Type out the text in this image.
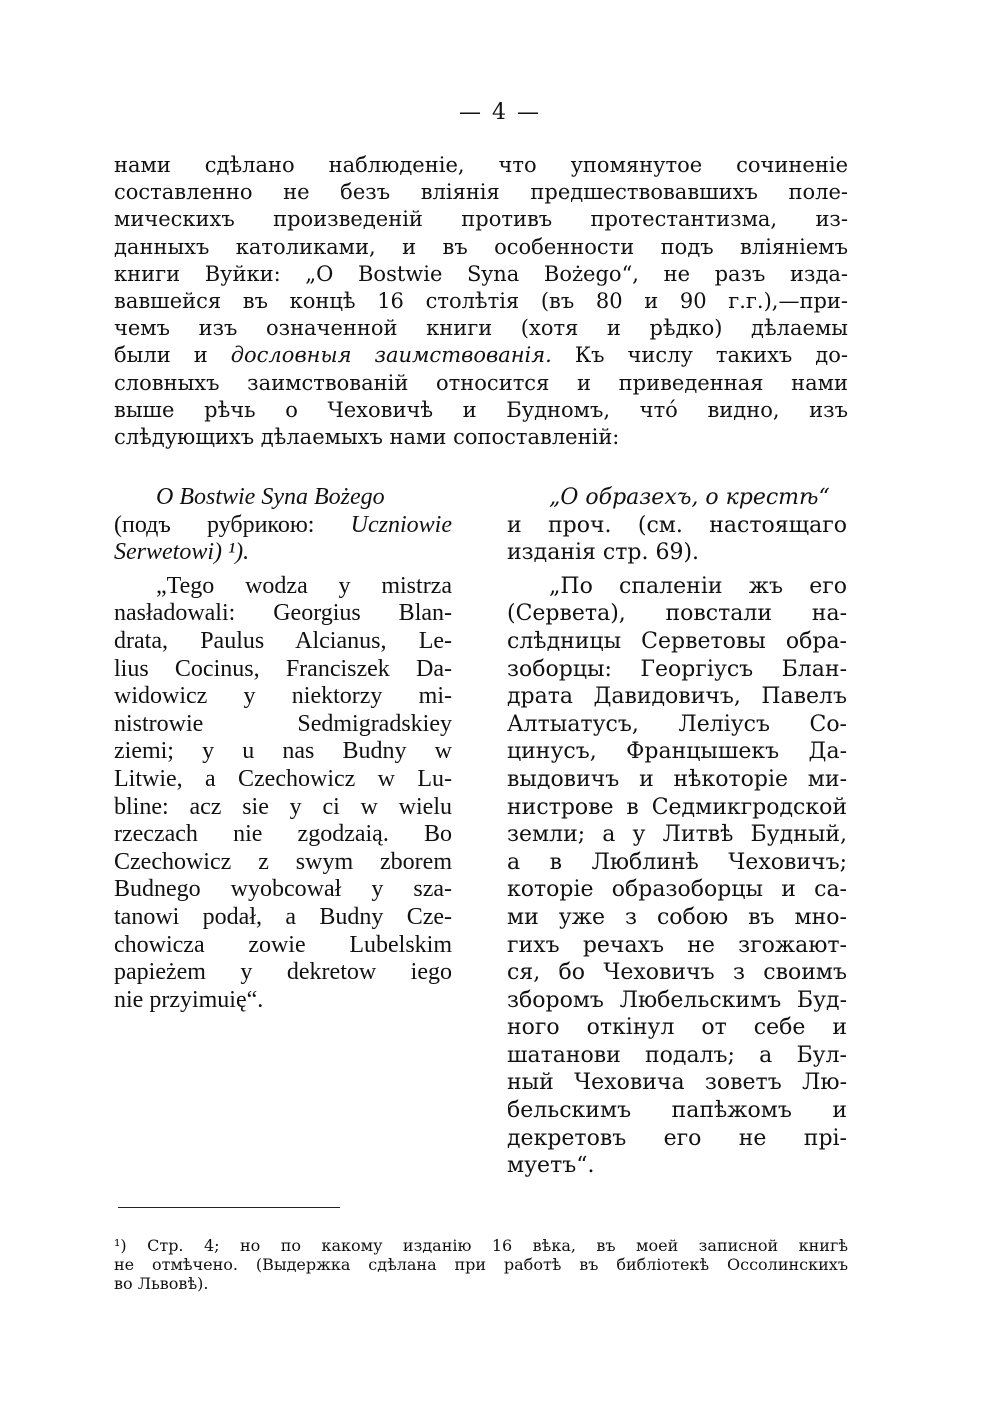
— 4 —
нами сдѣлано наблюденіе, что упомянутое сочиненіе
составленно не безъ вліянія предшествовавшихъ поле-
мическихъ произведеній противъ протестантизма, из-
данныхъ католиками, и въ особенности подъ вліяніемъ
книги Вуйки: „O Bostwie Syna Bożego“, не разъ изда-
вавшейся въ концѣ 16 столѣтія (въ 80 и 90 г.г.),—при-
чемъ изъ означенной книги (хотя и рѣдко) дѣлаемы
были и дословныя заимствованія. Къ числу такихъ до-
словныхъ заимствованій относится и приведенная нами
выше рѣчь о Чеховичѣ и Будномъ, что́ видно, изъ
слѣдующихъ дѣлаемыхъ нами сопоставленій:
O Bostwie Syna Bożego
(подъ рубрикою: Uczniowie
Serwetowi) ¹).
„Tego wodza y mistrza
nasładowali: Georgius Blan-
drata, Paulus Alcianus, Le-
lius Cocinus, Franciszek Da-
widowicz y niektorzy mi-
nistrowie Sedmigradskiey
ziemi; y u nas Budny w
Litwie, a Czechowicz w Lu-
bline: acz sie y ci w wielu
rzeczach nie zgodzaią. Bo
Czechowicz z swym zborem
Budnego wyobcował y sza-
tanowi podał, a Budny Cze-
chowicza zowie Lubelskim
papieżem y dekretow iego
nie przyimuię“.
„О образехъ, о крестѣ“
и проч. (см. настоящаго
изданія стр. 69).
„По спаленіи жъ его
(Сервета), повстали на-
слѣдницы Серветовы обра-
зоборцы: Георгіусъ Блан-
драта Давидовичъ, Павелъ
Алтыатусъ, Леліусъ Со-
цинусъ, Францышекъ Да-
выдовичъ и нѣкоторіе ми-
нистрове в Седмикгродской
земли; а у Литвѣ Будный,
а в Люблинѣ Чеховичъ;
которіе образоборцы и са-
ми уже з собою въ мно-
гихъ речахъ не згожают-
ся, бо Чеховичъ з своимъ
зборомъ Любельскимъ Буд-
ного откінул от себе и
шатанови подалъ; а Бул-
ный Чеховича зоветъ Лю-
бельскимъ папѣжомъ и
декретовъ его не прі-
муетъ“.
¹) Стр. 4; но по какому изданію 16 вѣка, въ моей записной книгѣ
не отмѣчено. (Выдержка сдѣлана при работѣ въ библіотекѣ Оссолинскихъ
во Львовѣ).
